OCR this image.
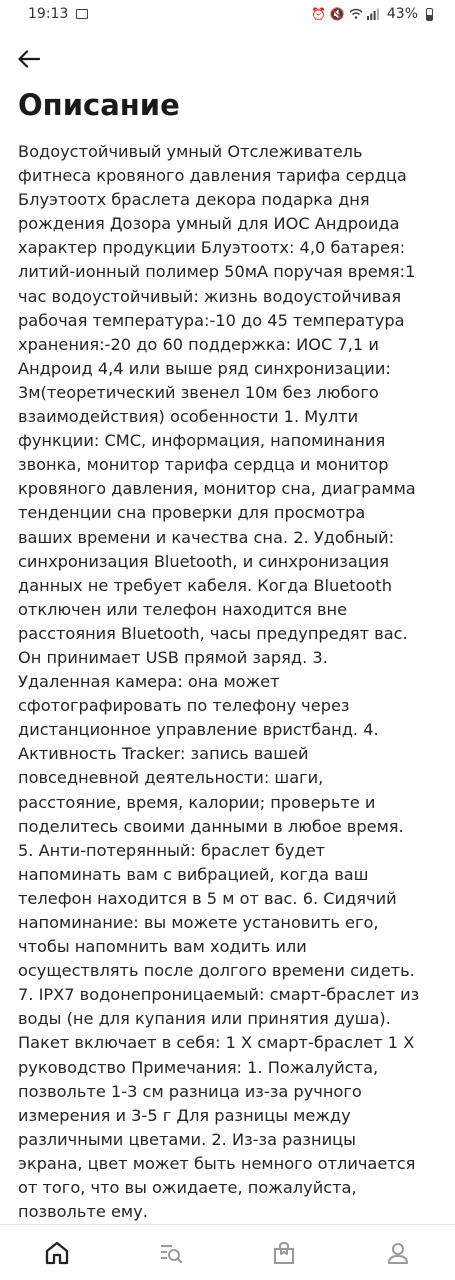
19:13	⏰ 🔇	43%
Описание

Водоустойчивый умный Отслеживатель фитнеса кровяного давления тарифа сердца Блуэтоотх браслета декора подарка дня рождения Дозора умный для ИОС Андроида характер продукции Блуэтоотх: 4,0 батарея: литий-ионный полимер 50мА поручая время:1 час водоустойчивый: жизнь водоустойчивая рабочая температура:-10 до 45 температура хранения:-20 до 60 поддержка: ИОС 7,1 и Андроид 4,4 или выше ряд синхронизации: 3м(теоретический звенел 10м без любого взаимодействия) особенности 1. Мулти функции: СМС, информация, напоминания звонка, монитор тарифа сердца и монитор кровяного давления, монитор сна, диаграмма тенденции сна проверки для просмотра ваших времени и качества сна. 2. Удобный: синхронизация Bluetooth, и синхронизация данных не требует кабеля. Когда Bluetooth отключен или телефон находится вне расстояния Bluetooth, часы предупредят вас. Он принимает USB прямой заряд. 3. Удаленная камера: она может сфотографировать по телефону через дистанционное управление вристбанд. 4. Активность Tracker: запись вашей повседневной деятельности: шаги, расстояние, время, калории; проверьте и поделитесь своими данными в любое время. 5. Анти-потерянный: браслет будет напоминать вам с вибрацией, когда ваш телефон находится в 5 м от вас. 6. Сидячий напоминание: вы можете установить его, чтобы напомнить вам ходить или осуществлять после долгого времени сидеть. 7. IPX7 водонепроницаемый: смарт-браслет из воды (не для купания или принятия душа). Пакет включает в себя: 1 X смарт-браслет 1 X руководство Примечания: 1. Пожалуйста, позвольте 1-3 см разница из-за ручного измерения и 3-5 г Для разницы между различными цветами. 2. Из-за разницы экрана, цвет может быть немного отличается от того, что вы ожидаете, пожалуйста, позвольте ему.
